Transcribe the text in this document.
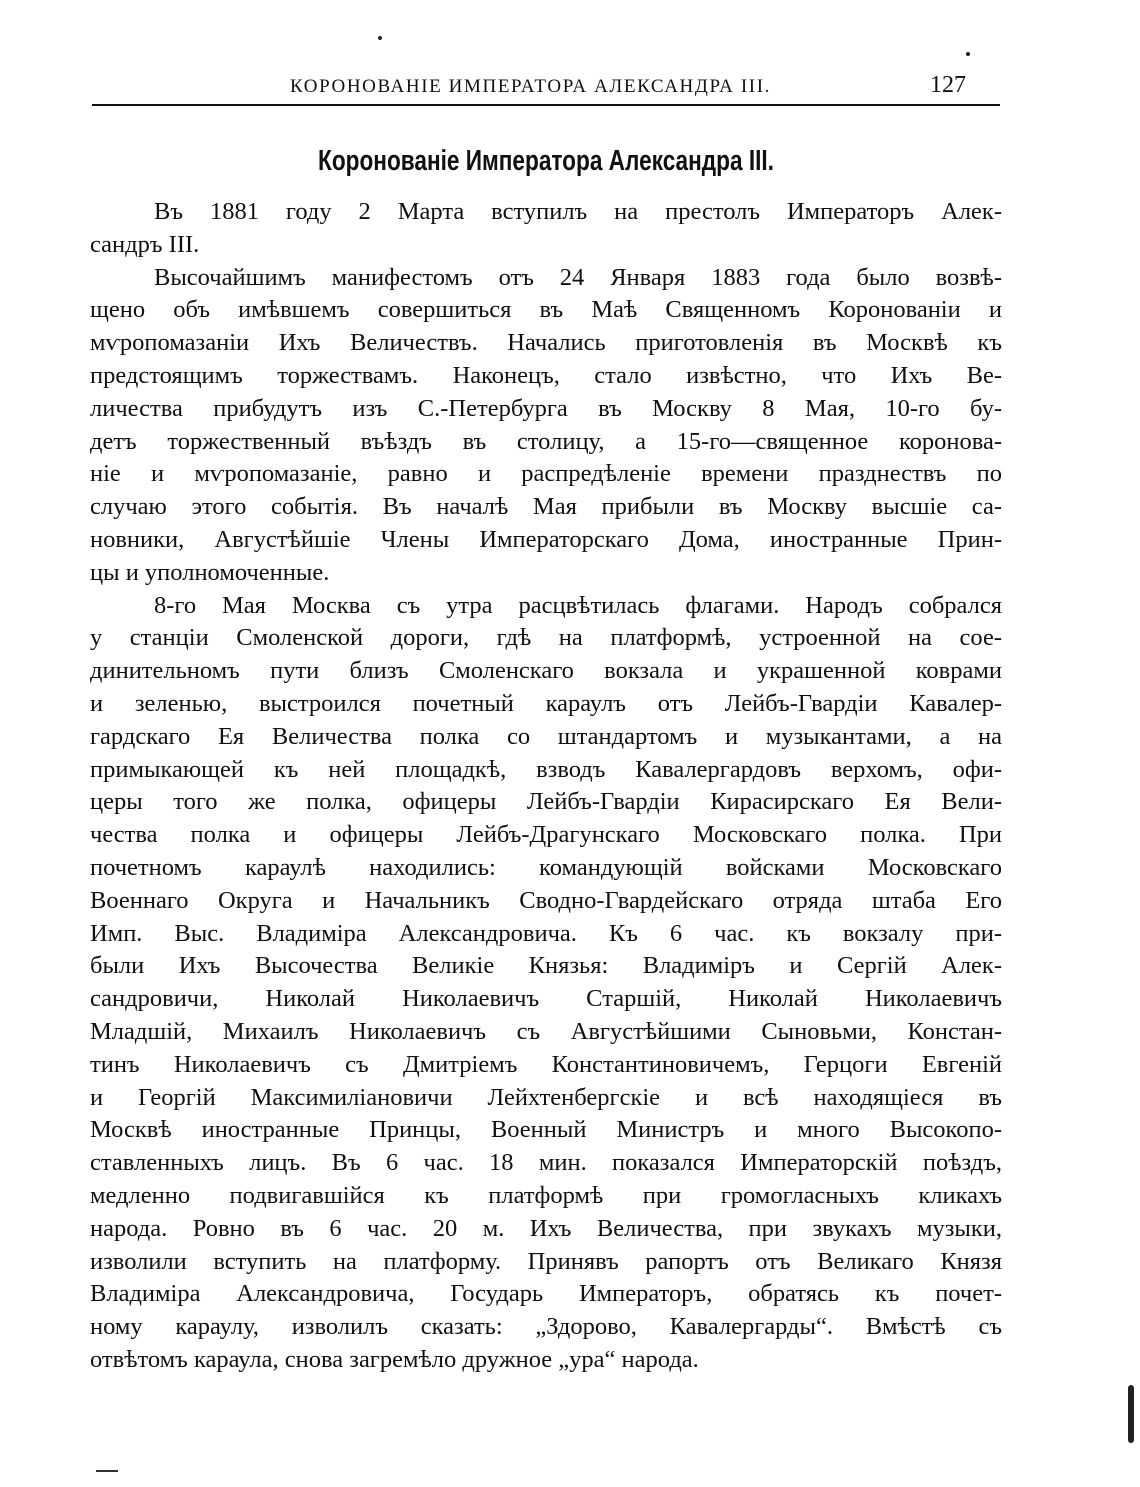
КОРОНОВАНІЕ ИМПЕРАТОРА АЛЕКСАНДРА III.	127
Коронованіе Императора Александра III.
Въ 1881 году 2 Марта вступилъ на престолъ Императоръ Алек-
сандръ III.
Высочайшимъ манифестомъ отъ 24 Января 1883 года было возвѣ-
щено объ имѣвшемъ совершиться въ Маѣ Священномъ Коронованіи и
мѵропомазаніи Ихъ Величествъ. Начались приготовленія въ Москвѣ къ
предстоящимъ торжествамъ. Наконецъ, стало извѣстно, что Ихъ Ве-
личества прибудутъ изъ С.-Петербурга въ Москву 8 Мая, 10-го бу-
детъ торжественный въѣздъ въ столицу, а 15-го—священное коронова-
ніе и мѵропомазаніе, равно и распредѣленіе времени празднествъ по
случаю этого событія. Въ началѣ Мая прибыли въ Москву высшіе са-
новники, Августѣйшіе Члены Императорскаго Дома, иностранные Прин-
цы и уполномоченные.
8-го Мая Москва съ утра расцвѣтилась флагами. Народъ собрался
у станціи Смоленской дороги, гдѣ на платформѣ, устроенной на сое-
динительномъ пути близъ Смоленскаго вокзала и украшенной коврами
и зеленью, выстроился почетный караулъ отъ Лейбъ-Гвардіи Кавалер-
гардскаго Ея Величества полка со штандартомъ и музыкантами, а на
примыкающей къ ней площадкѣ, взводъ Кавалергардовъ верхомъ, офи-
церы того же полка, офицеры Лейбъ-Гвардіи Кирасирскаго Ея Вели-
чества полка и офицеры Лейбъ-Драгунскаго Московскаго полка. При
почетномъ караулѣ находились: командующій войсками Московскаго
Военнаго Округа и Начальникъ Сводно-Гвардейскаго отряда штаба Его
Имп. Выс. Владиміра Александровича. Къ 6 час. къ вокзалу при-
были Ихъ Высочества Великіе Князья: Владиміръ и Сергій Алек-
сандровичи, Николай Николаевичъ Старшій, Николай Николаевичъ
Младшій, Михаилъ Николаевичъ съ Августѣйшими Сыновьми, Констан-
тинъ Николаевичъ съ Дмитріемъ Константиновичемъ, Герцоги Евгеній
и Георгій Максимиліановичи Лейхтенбергскіе и всѣ находящіеся въ
Москвѣ иностранные Принцы, Военный Министръ и много Высокопо-
ставленныхъ лицъ. Въ 6 час. 18 мин. показался Императорскій поѣздъ,
медленно подвигавшійся къ платформѣ при громогласныхъ кликахъ
народа. Ровно въ 6 час. 20 м. Ихъ Величества, при звукахъ музыки,
изволили вступить на платформу. Принявъ рапортъ отъ Великаго Князя
Владиміра Александровича, Государь Императоръ, обратясь къ почет-
ному караулу, изволилъ сказать: „Здорово, Кавалергарды“. Вмѣстѣ съ
отвѣтомъ караула, снова загремѣло дружное „ура“ народа.
